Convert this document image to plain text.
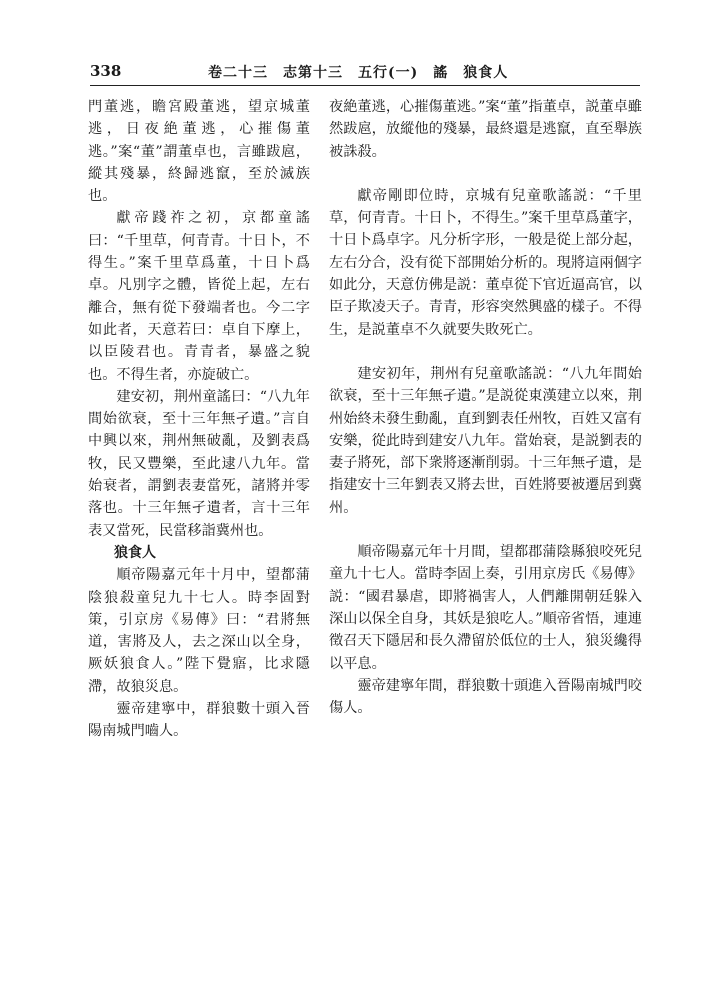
338	卷二十三　志第十三　五行(一)　謠　狼食人

門董逃，瞻宮殿董逃，望京城董逃，日夜絶董逃，心摧傷董逃。”案“董”謂董卓也，言雖跋扈，縱其殘暴，終歸逃竄，至於滅族也。

獻帝踐祚之初，京都童謠曰：“千里草，何青青。十日卜，不得生。”案千里草爲董，十日卜爲卓。凡別字之體，皆從上起，左右離合，無有從下發端者也。今二字如此者，天意若曰：卓自下摩上，以臣陵君也。青青者，暴盛之貌也。不得生者，亦旋破亡。

建安初，荆州童謠曰：“八九年間始欲衰，至十三年無孑遺。”言自中興以來，荆州無破亂，及劉表爲牧，民又豐樂，至此逮八九年。當始衰者，謂劉表妻當死，諸將并零落也。十三年無孑遺者，言十三年表又當死，民當移詣冀州也。

狼食人

順帝陽嘉元年十月中，望都蒲陰狼殺童兒九十七人。時李固對策，引京房《易傳》曰：“君將無道，害將及人，去之深山以全身，厥妖狼食人。”陛下覺寤，比求隱滯，故狼災息。

靈帝建寧中，群狼數十頭入晉陽南城門嚙人。

夜絶董逃，心摧傷董逃。”案“董”指董卓，説董卓雖然跋扈，放縱他的殘暴，最終還是逃竄，直至舉族被誅殺。

獻帝剛即位時，京城有兒童歌謠説：“千里草，何青青。十日卜，不得生。”案千里草爲董字，十日卜爲卓字。凡分析字形，一般是從上部分起，左右分合，没有從下部開始分析的。現將這兩個字如此分，天意仿佛是説：董卓從下官近逼高官，以臣子欺凌天子。青青，形容突然興盛的樣子。不得生，是説董卓不久就要失敗死亡。

建安初年，荆州有兒童歌謠説：“八九年間始欲衰，至十三年無孑遺。”是説從東漢建立以來，荆州始終未發生動亂，直到劉表任州牧，百姓又富有安樂，從此時到建安八九年。當始衰，是説劉表的妻子將死，部下衆將逐漸削弱。十三年無孑遺，是指建安十三年劉表又將去世，百姓將要被遷居到冀州。

順帝陽嘉元年十月間，望都郡蒲陰縣狼咬死兒童九十七人。當時李固上奏，引用京房氏《易傳》説：“國君暴虐，即將禍害人，人們離開朝廷躲入深山以保全自身，其妖是狼吃人。”順帝省悟，連連徵召天下隱居和長久滯留於低位的士人，狼災纔得以平息。

靈帝建寧年間，群狼數十頭進入晉陽南城門咬傷人。
